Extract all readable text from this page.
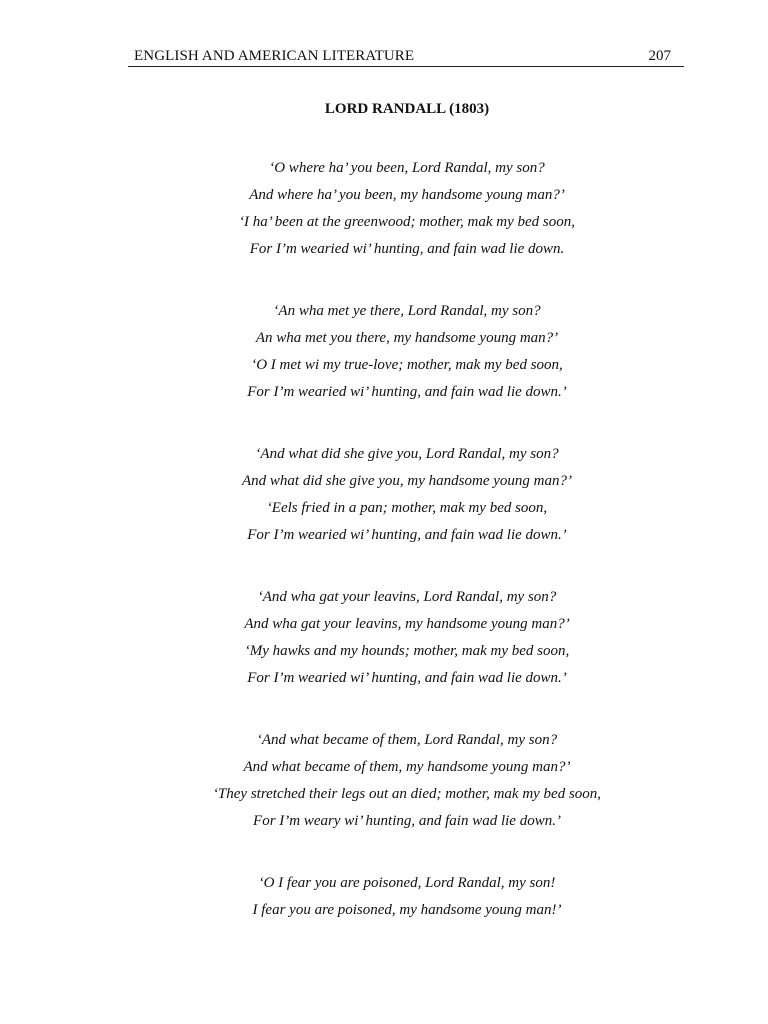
ENGLISH AND AMERICAN LITERATURE	207
LORD RANDALL (1803)
‘O where ha’ you been, Lord Randal, my son?
And where ha’ you been, my handsome young man?’
‘I ha’ been at the greenwood; mother, mak my bed soon,
For I’m wearied wi’ hunting, and fain wad lie down.
‘An wha met ye there, Lord Randal, my son?
An wha met you there, my handsome young man?’
‘O I met wi my true-love; mother, mak my bed soon,
For I’m wearied wi’ hunting, and fain wad lie down.’
‘And what did she give you, Lord Randal, my son?
And what did she give you, my handsome young man?’
‘Eels fried in a pan; mother, mak my bed soon,
For I’m wearied wi’ hunting, and fain wad lie down.’
‘And wha gat your leavins, Lord Randal, my son?
And wha gat your leavins, my handsome young man?’
‘My hawks and my hounds; mother, mak my bed soon,
For I’m wearied wi’ hunting, and fain wad lie down.’
‘And what became of them, Lord Randal, my son?
And what became of them, my handsome young man?’
‘They stretched their legs out an died; mother, mak my bed soon,
For I’m weary wi’ hunting, and fain wad lie down.’
‘O I fear you are poisoned, Lord Randal, my son!
I fear you are poisoned, my handsome young man!’
